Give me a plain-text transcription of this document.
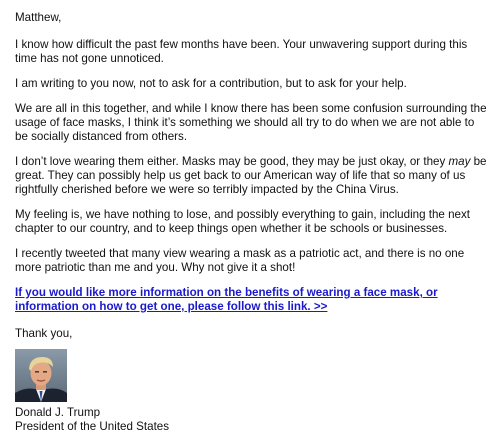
Matthew,

I know how difficult the past few months have been. Your unwavering support during this time has not gone unnoticed.

I am writing to you now, not to ask for a contribution, but to ask for your help.

We are all in this together, and while I know there has been some confusion surrounding the usage of face masks, I think it’s something we should all try to do when we are not able to be socially distanced from others.

I don’t love wearing them either. Masks may be good, they may be just okay, or they may be great. They can possibly help us get back to our American way of life that so many of us rightfully cherished before we were so terribly impacted by the China Virus.

My feeling is, we have nothing to lose, and possibly everything to gain, including the next chapter to our country, and to keep things open whether it be schools or businesses.

I recently tweeted that many view wearing a mask as a patriotic act, and there is no one more patriotic than me and you. Why not give it a shot!

If you would like more information on the benefits of wearing a face mask, or information on how to get one, please follow this link. >>

Thank you,

Donald J. Trump

President of the United States
